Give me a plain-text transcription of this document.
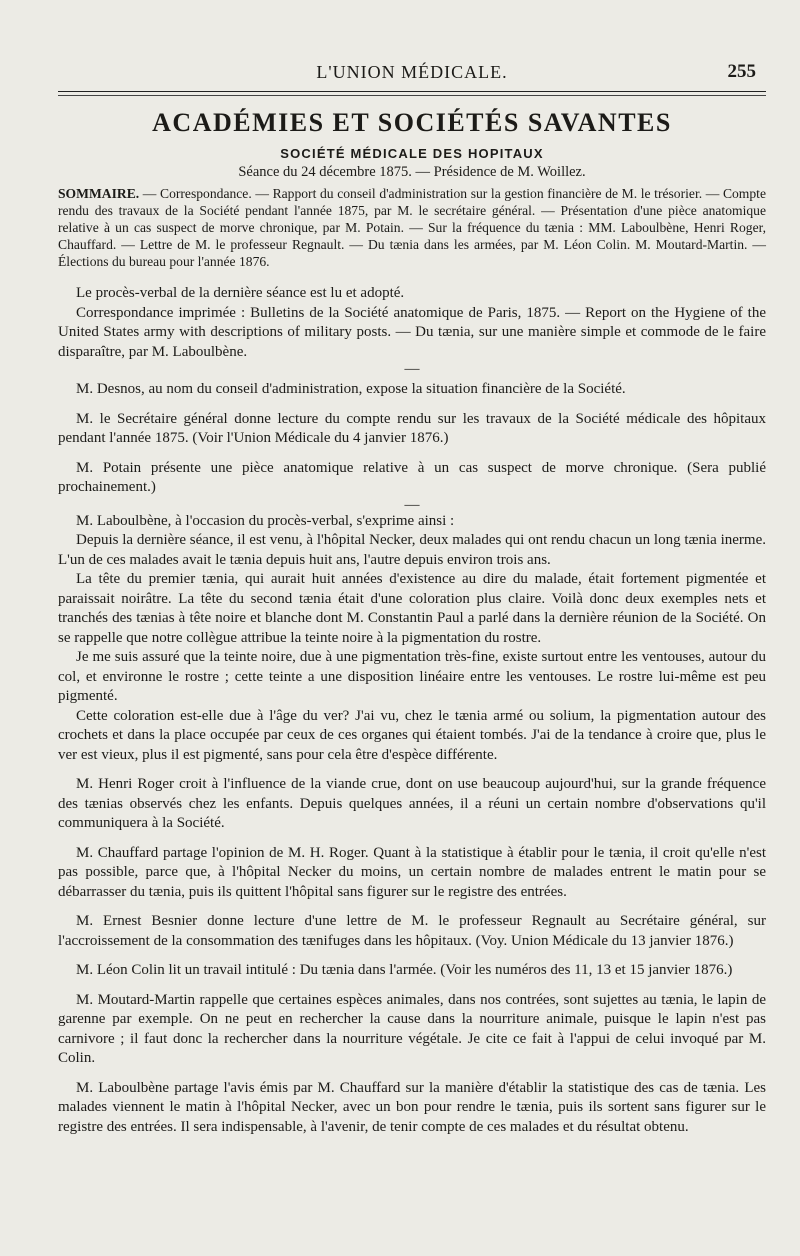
L'UNION MÉDICALE.	255
ACADÉMIES ET SOCIÉTÉS SAVANTES
SOCIÉTÉ MÉDICALE DES HOPITAUX
Séance du 24 décembre 1875. — Présidence de M. Woillez.
SOMMAIRE. — Correspondance. — Rapport du conseil d'administration sur la gestion financière de M. le trésorier. — Compte rendu des travaux de la Société pendant l'année 1875, par M. le secrétaire général. — Présentation d'une pièce anatomique relative à un cas suspect de morve chronique, par M. Potain. — Sur la fréquence du tænia : MM. Laboulbène, Henri Roger, Chauffard. — Lettre de M. le professeur Regnault. — Du tænia dans les armées, par M. Léon Colin. M. Moutard-Martin. — Élections du bureau pour l'année 1876.

Le procès-verbal de la dernière séance est lu et adopté.

Correspondance imprimée : Bulletins de la Société anatomique de Paris, 1875. — Report on the Hygiene of the United States army with descriptions of military posts. — Du tænia, sur une manière simple et commode de le faire disparaître, par M. Laboulbène.

—

M. Desnos, au nom du conseil d'administration, expose la situation financière de la Société.

M. le Secrétaire général donne lecture du compte rendu sur les travaux de la Société médicale des hôpitaux pendant l'année 1875. (Voir l'Union Médicale du 4 janvier 1876.)

M. Potain présente une pièce anatomique relative à un cas suspect de morve chronique. (Sera publié prochainement.)

—

M. Laboulbène, à l'occasion du procès-verbal, s'exprime ainsi :

Depuis la dernière séance, il est venu, à l'hôpital Necker, deux malades qui ont rendu chacun un long tænia inerme. L'un de ces malades avait le tænia depuis huit ans, l'autre depuis environ trois ans.

La tête du premier tænia, qui aurait huit années d'existence au dire du malade, était fortement pigmentée et paraissait noirâtre. La tête du second tænia était d'une coloration plus claire. Voilà donc deux exemples nets et tranchés des tænias à tête noire et blanche dont M. Constantin Paul a parlé dans la dernière réunion de la Société. On se rappelle que notre collègue attribue la teinte noire à la pigmentation du rostre.

Je me suis assuré que la teinte noire, due à une pigmentation très-fine, existe surtout entre les ventouses, autour du col, et environne le rostre ; cette teinte a une disposition linéaire entre les ventouses. Le rostre lui-même est peu pigmenté.

Cette coloration est-elle due à l'âge du ver? J'ai vu, chez le tænia armé ou solium, la pigmentation autour des crochets et dans la place occupée par ceux de ces organes qui étaient tombés. J'ai de la tendance à croire que, plus le ver est vieux, plus il est pigmenté, sans pour cela être d'espèce différente.

M. Henri Roger croit à l'influence de la viande crue, dont on use beaucoup aujourd'hui, sur la grande fréquence des tænias observés chez les enfants. Depuis quelques années, il a réuni un certain nombre d'observations qu'il communiquera à la Société.

M. Chauffard partage l'opinion de M. H. Roger. Quant à la statistique à établir pour le tænia, il croit qu'elle n'est pas possible, parce que, à l'hôpital Necker du moins, un certain nombre de malades entrent le matin pour se débarrasser du tænia, puis ils quittent l'hôpital sans figurer sur le registre des entrées.

M. Ernest Besnier donne lecture d'une lettre de M. le professeur Regnault au Secrétaire général, sur l'accroissement de la consommation des tænifuges dans les hôpitaux. (Voy. Union Médicale du 13 janvier 1876.)

M. Léon Colin lit un travail intitulé : Du tænia dans l'armée. (Voir les numéros des 11, 13 et 15 janvier 1876.)

M. Moutard-Martin rappelle que certaines espèces animales, dans nos contrées, sont sujettes au tænia, le lapin de garenne par exemple. On ne peut en rechercher la cause dans la nourriture animale, puisque le lapin n'est pas carnivore ; il faut donc la rechercher dans la nourriture végétale. Je cite ce fait à l'appui de celui invoqué par M. Colin.

M. Laboulbène partage l'avis émis par M. Chauffard sur la manière d'établir la statistique des cas de tænia. Les malades viennent le matin à l'hôpital Necker, avec un bon pour rendre le tænia, puis ils sortent sans figurer sur le registre des entrées. Il sera indispensable, à l'avenir, de tenir compte de ces malades et du résultat obtenu.
